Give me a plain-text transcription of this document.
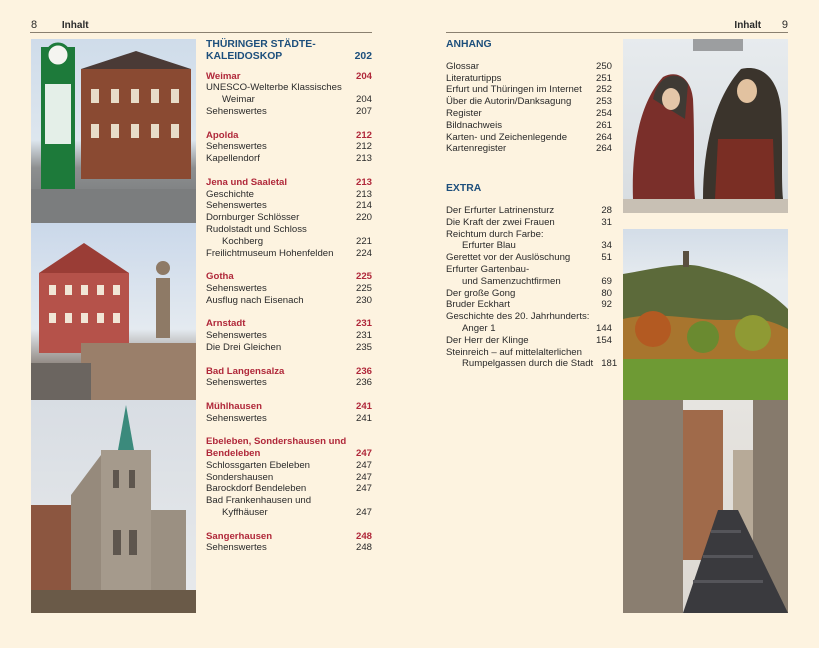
8 Inhalt	Inhalt 9
THÜRINGER STÄDTE-
KALEIDOSKOP	202
Weimar	204
UNESCO-Welterbe Klassisches
Weimar	204
Sehenswertes	207
Apolda	212
Sehenswertes	212
Kapellendorf	213
Jena und Saaletal	213
Geschichte	213
Sehenswertes	214
Dornburger Schlösser	220
Rudolstadt und Schloss
Kochberg	221
Freilichtmuseum Hohenfelden	224
Gotha	225
Sehenswertes	225
Ausflug nach Eisenach	230
Arnstadt	231
Sehenswertes	231
Die Drei Gleichen	235
Bad Langensalza	236
Sehenswertes	236
Mühlhausen	241
Sehenswertes	241
Ebeleben, Sondershausen und
Bendeleben	247
Schlossgarten Ebeleben	247
Sondershausen	247
Barockdorf Bendeleben	247
Bad Frankenhausen und
Kyffhäuser	247
Sangerhausen	248
Sehenswertes	248
ANHANG
Glossar	250
Literaturtipps	251
Erfurt und Thüringen im Internet	252
Über die Autorin/Danksagung	253
Register	254
Bildnachweis	261
Karten- und Zeichenlegende	264
Kartenregister	264
EXTRA
Der Erfurter Latrinensturz	28
Die Kraft der zwei Frauen	31
Reichtum durch Farbe:
Erfurter Blau	34
Gerettet vor der Auslöschung	51
Erfurter Gartenbau-
und Samenzuchtfirmen	69
Der große Gong	80
Bruder Eckhart	92
Geschichte des 20. Jahrhunderts:
Anger 1	144
Der Herr der Klinge	154
Steinreich – auf mittelalterlichen
Rumpelgassen durch die Stadt 181
